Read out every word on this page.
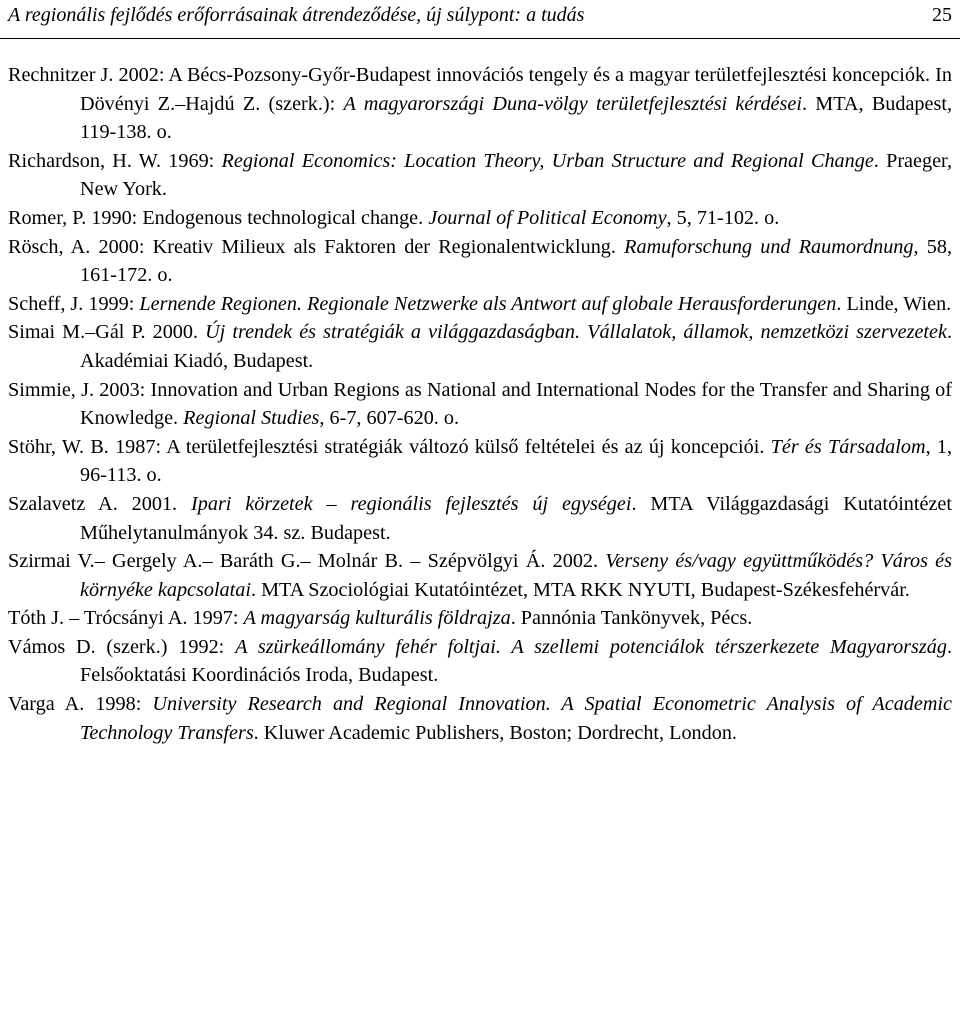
A regionális fejlődés erőforrásainak átrendeződése, új súlypont: a tudás	25
Rechnitzer J. 2002: A Bécs-Pozsony-Győr-Budapest innovációs tengely és a magyar területfejlesztési koncepciók. In Dövényi Z.–Hajdú Z. (szerk.): A magyarországi Duna-völgy területfejlesztési kérdései. MTA, Budapest, 119-138. o.
Richardson, H. W. 1969: Regional Economics: Location Theory, Urban Structure and Regional Change. Praeger, New York.
Romer, P. 1990: Endogenous technological change. Journal of Political Economy, 5, 71-102. o.
Rösch, A. 2000: Kreativ Milieux als Faktoren der Regionalentwicklung. Ramuforschung und Raumordnung, 58, 161-172. o.
Scheff, J. 1999: Lernende Regionen. Regionale Netzwerke als Antwort auf globale Herausforderungen. Linde, Wien.
Simai M.–Gál P. 2000. Új trendek és stratégiák a világgazdaságban. Vállalatok, államok, nemzetközi szervezetek. Akadémiai Kiadó, Budapest.
Simmie, J. 2003: Innovation and Urban Regions as National and International Nodes for the Transfer and Sharing of Knowledge. Regional Studies, 6-7, 607-620. o.
Stöhr, W. B. 1987: A területfejlesztési stratégiák változó külső feltételei és az új koncepciói. Tér és Társadalom, 1, 96-113. o.
Szalavetz A. 2001. Ipari körzetek – regionális fejlesztés új egységei. MTA Világgazdasági Kutatóintézet Műhelytanulmányok 34. sz. Budapest.
Szirmai V.– Gergely A.– Baráth G.– Molnár B. – Szépvölgyi Á. 2002. Verseny és/vagy együttműködés? Város és környéke kapcsolatai. MTA Szociológiai Kutatóintézet, MTA RKK NYUTI, Budapest-Székesfehérvár.
Tóth J. – Trócsányi A. 1997: A magyarság kulturális földrajza. Pannónia Tankönyvek, Pécs.
Vámos D. (szerk.) 1992: A szürkeállomány fehér foltjai. A szellemi potenciálok térszerkezete Magyarország. Felsőoktatási Koordinációs Iroda, Budapest.
Varga A. 1998: University Research and Regional Innovation. A Spatial Econometric Analysis of Academic Technology Transfers. Kluwer Academic Publishers, Boston; Dordrecht, London.
